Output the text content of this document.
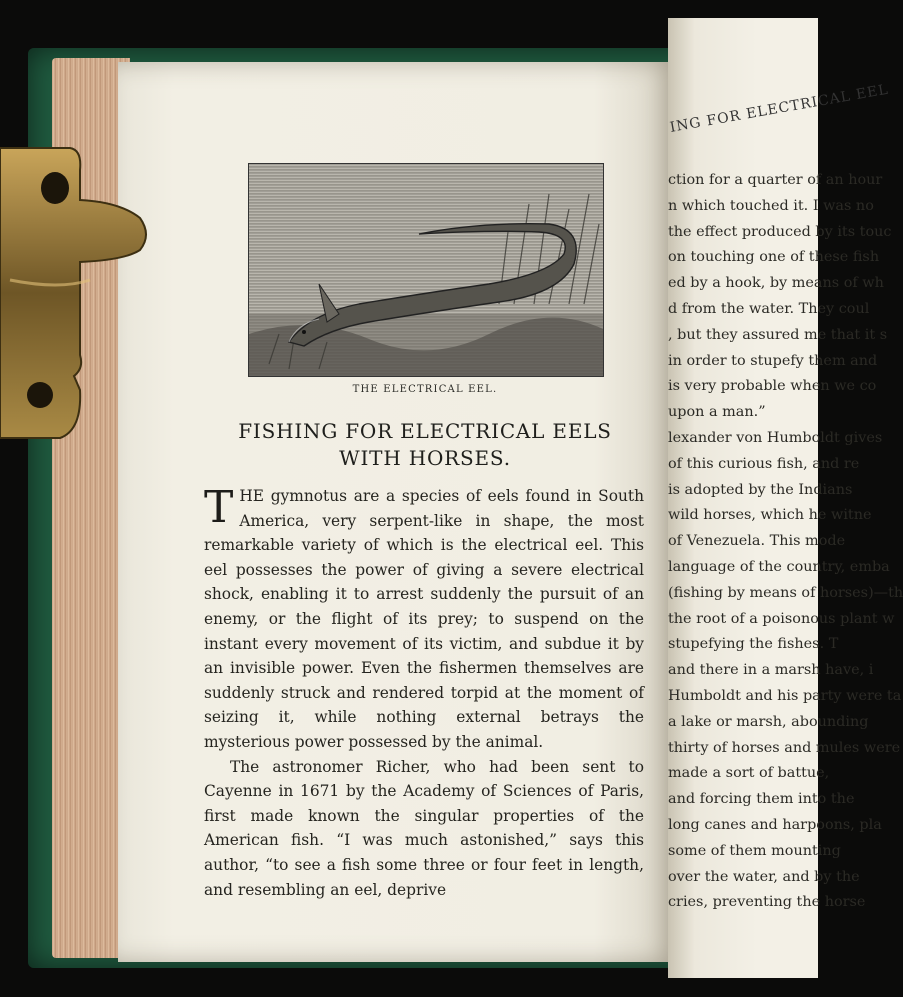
ING FOR ELECTRICAL EEL
ction for a quarter of an hour
n which touched it. I was no
the effect produced by its touc
on touching one of these fish
ed by a hook, by means of wh
d from the water. They coul
, but they assured me that it s
in order to stupefy them and
is very probable when we co
upon a man.”
lexander von Humboldt gives
of this curious fish, and re
is adopted by the Indians
wild horses, which he witne
of Venezuela. This mode
language of the country, emba
(fishing by means of horses)—th
the root of a poisonous plant w
stupefying the fishes. T
and there in a marsh have, i
Humboldt and his party were ta
a lake or marsh, abounding
thirty of horses and mules were
made a sort of battue,
and forcing them into the
long canes and harpoons, pla
some of them mounting
over the water, and by the
cries, preventing the horse
THE ELECTRICAL EEL.
FISHING FOR ELECTRICAL EELS WITH HORSES.

THE gymnotus are a species of eels found in South America, very serpent-like in shape, the most remarkable variety of which is the electrical eel. This eel possesses the power of giving a severe electrical shock, enabling it to arrest suddenly the pursuit of an enemy, or the flight of its prey; to suspend on the instant every movement of its victim, and subdue it by an invisible power. Even the fishermen themselves are suddenly struck and rendered torpid at the moment of seizing it, while nothing external betrays the mysterious power possessed by the animal.

The astronomer Richer, who had been sent to Cayenne in 1671 by the Academy of Sciences of Paris, first made known the singular properties of the American fish. “I was much astonished,” says this author, “to see a fish some three or four feet in length, and resembling an eel, deprive
